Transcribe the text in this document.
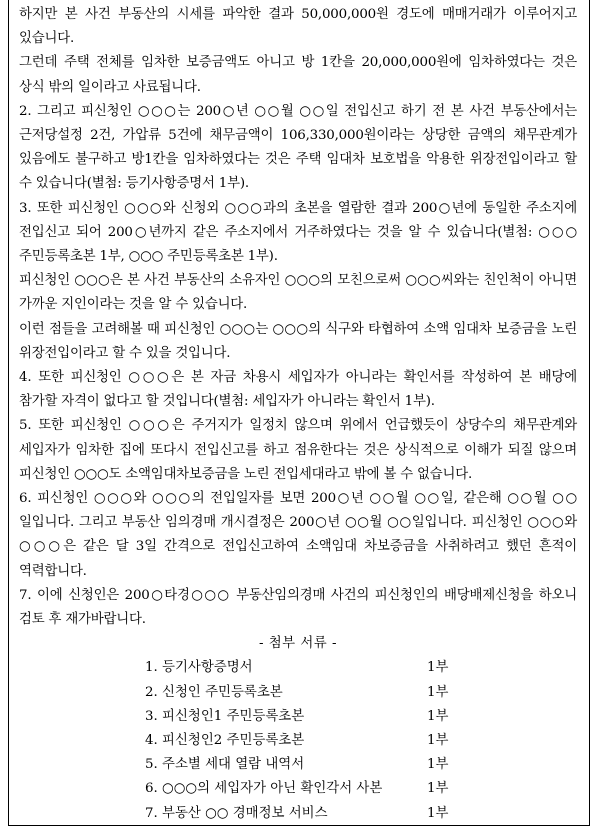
하지만 본 사건 부동산의 시세를 파악한 결과 50,000,000원 경도에 매매거래가 이루어지고 있습니다.

그런데 주택 전체를 임차한 보증금액도 아니고 방 1칸을 20,000,000원에 임차하였다는 것은 상식 밖의 일이라고 사료됩니다.

2. 그리고 피신청인 ○○○는 200○년 ○○월 ○○일 전입신고 하기 전 본 사건 부동산에서는 근저당설정 2건, 가압류 5건에 채무금액이 106,330,000원이라는 상당한 금액의 채무관계가 있음에도 불구하고 방1칸을 임차하였다는 것은 주택 임대차 보호법을 악용한 위장전입이라고 할 수 있습니다(별첨: 등기사항증명서 1부).

3. 또한 피신청인 ○○○와 신청외 ○○○과의 초본을 열람한 결과 200○년에 동일한 주소지에 전입신고 되어 200○년까지 같은 주소지에서 거주하였다는 것을 알 수 있습니다(별첨: ○○○ 주민등록초본 1부, ○○○ 주민등록초본 1부).

피신청인 ○○○은 본 사건 부동산의 소유자인 ○○○의 모친으로써 ○○○씨와는 친인척이 아니면 가까운 지인이라는 것을 알 수 있습니다.

이런 점들을 고려해볼 때 피신청인 ○○○는 ○○○의 식구와 타협하여 소액 임대차 보증금을 노린 위장전입이라고 할 수 있을 것입니다.

4. 또한 피신청인 ○○○은 본 자금 차용시 세입자가 아니라는 확인서를 작성하여 본 배당에 참가할 자격이 없다고 할 것입니다(별첨: 세입자가 아니라는 확인서 1부).

5. 또한 피신청인 ○○○은 주거지가 일정치 않으며 위에서 언급했듯이 상당수의 채무관계와 세입자가 임차한 집에 또다시 전입신고를 하고 점유한다는 것은 상식적으로 이해가 되질 않으며 피신청인 ○○○도 소액임대차보증금을 노린 전입세대라고 밖에 볼 수 없습니다.

6. 피신청인 ○○○와 ○○○의 전입일자를 보면 200○년 ○○월 ○○일, 같은해 ○○월 ○○일입니다. 그리고 부동산 임의경매 개시결정은 200○년 ○○월 ○○일입니다. 피신청인 ○○○와 ○○○은 같은 달 3일 간격으로 전입신고하여 소액임대 차보증금을 사취하려고 했던 흔적이 역력합니다.

7. 이에 신청인은 200○타경○○○ 부동산임의경매 사건의 피신청인의 배당배제신청을 하오니 검토 후 재가바랍니다.

- 첨부 서류 -

1. 등기사항증명서	1부
2. 신청인 주민등록초본	1부
3. 피신청인1 주민등록초본	1부
4. 피신청인2 주민등록초본	1부
5. 주소별 세대 열람 내역서	1부
6. ○○○의 세입자가 아닌 확인각서 사본	1부
7. 부동산 ○○ 경매정보 서비스	1부
